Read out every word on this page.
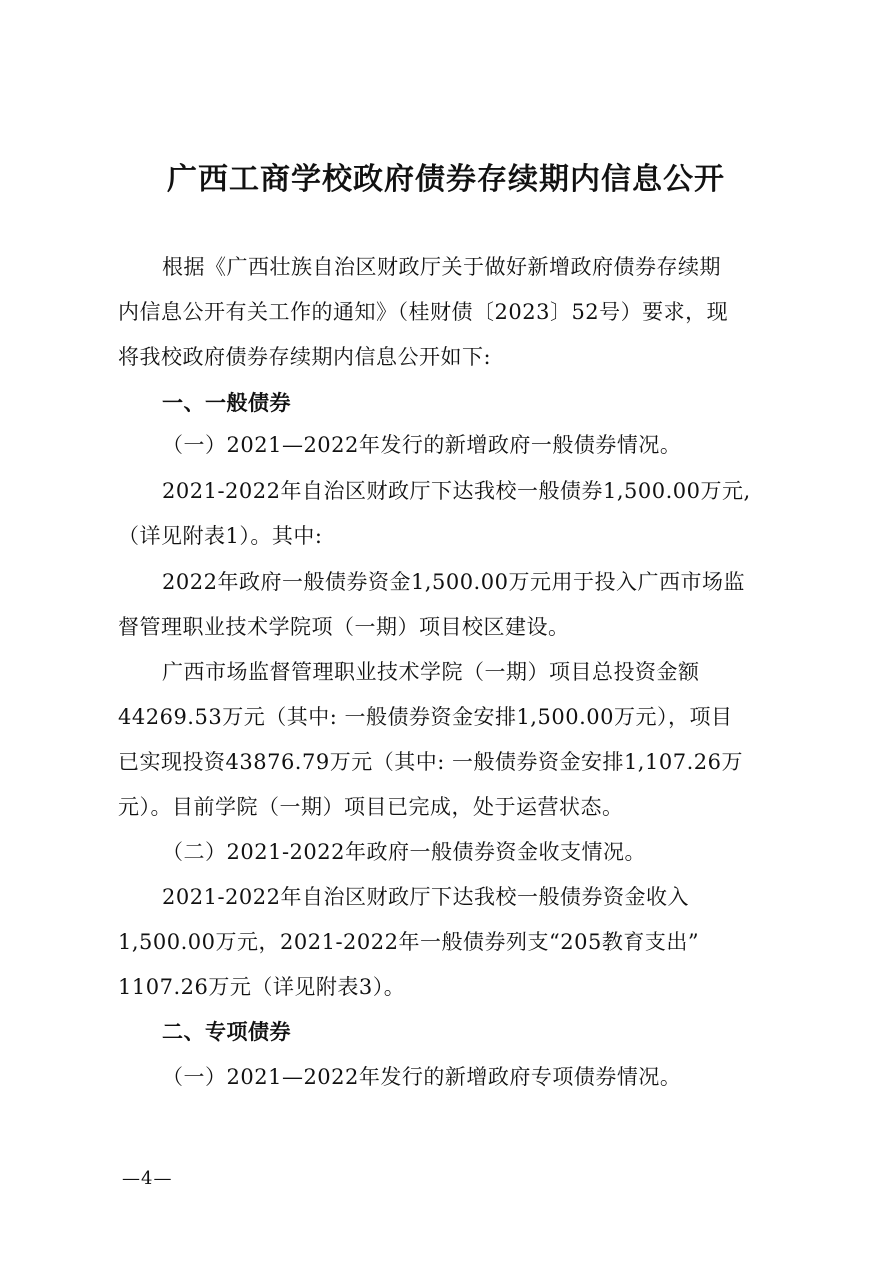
广西工商学校政府债券存续期内信息公开
根据《广西壮族自治区财政厅关于做好新增政府债券存续期
内信息公开有关工作的通知》（桂财债〔2023〕52号）要求，现
将我校政府债券存续期内信息公开如下:
一、一般债券
（一）2021—2022年发行的新增政府一般债券情况。
2021-2022年自治区财政厅下达我校一般债券1,500.00万元,
（详见附表1）。其中:
2022年政府一般债券资金1,500.00万元用于投入广西市场监
督管理职业技术学院项（一期）项目校区建设。
广西市场监督管理职业技术学院（一期）项目总投资金额
44269.53万元（其中: 一般债券资金安排1,500.00万元），项目
已实现投资43876.79万元（其中: 一般债券资金安排1,107.26万
元）。目前学院（一期）项目已完成，处于运营状态。
（二）2021-2022年政府一般债券资金收支情况。
2021-2022年自治区财政厅下达我校一般债券资金收入
1,500.00万元，2021-2022年一般债券列支“205教育支出”
1107.26万元（详见附表3）。
二、专项债券
（一）2021—2022年发行的新增政府专项债券情况。
—4—
